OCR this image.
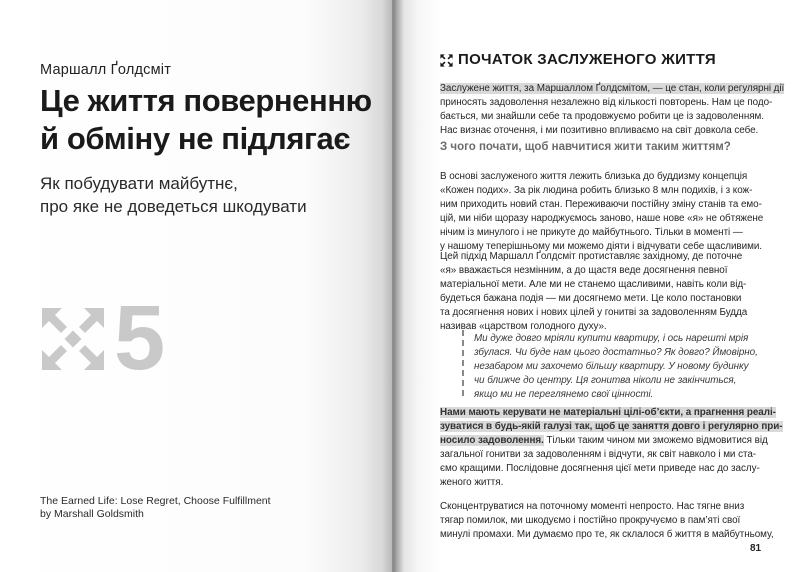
Маршалл Ґолдсміт
Це життя поверненню
й обміну не підлягає

Як побудувати майбутнє,
про яке не доведеться шкодувати

5
The Earned Life: Lose Regret, Choose Fulfillment
by Marshall Goldsmith
ПОЧАТОК ЗАСЛУЖЕНОГО ЖИТТЯ
Заслужене життя, за Маршаллом Ґолдсмітом, — це стан, коли регулярні дії
приносять задоволення незалежно від кількості повторень. Нам це подо-
бається, ми знайшли себе та продовжуємо робити це із задоволенням.
Нас визнає оточення, і ми позитивно впливаємо на світ довкола себе.
З чого почати, щоб навчитися жити таким життям?
В основі заслуженого життя лежить близька до буддизму концепція
«Кожен подих». За рік людина робить близько 8 млн подихів, і з кож-
ним приходить новий стан. Переживаючи постійну зміну станів та емо-
цій, ми ніби щоразу народжуємось заново, наше нове «я» не обтяжене
нічим із минулого і не прикуте до майбутнього. Тільки в моменті —
у нашому теперішньому ми можемо діяти і відчувати себе щасливими.
Цей підхід Маршалл Ґолдсміт протиставляє західному, де поточне
«я» вважається незмінним, а до щастя веде досягнення певної
матеріальної мети. Але ми не станемо щасливими, навіть коли від-
будеться бажана подія — ми досягнемо мети. Це коло постановки
та досягнення нових і нових цілей у гонитві за задоволенням Будда
називав «царством голодного духу».
Ми дуже довго мріяли купити квартиру, і ось нарешті мрія
збулася. Чи буде нам цього достатньо? Як довго? Ймовірно,
незабаром ми захочемо більшу квартиру. У новому будинку
чи ближче до центру. Ця гонитва ніколи не закінчиться,
якщо ми не переглянемо свої цінності.
Нами мають керувати не матеріальні цілі-об’єкти, а прагнення реалі-
зуватися в будь-якій галузі так, щоб це заняття довго і регулярно при-
носило задоволення. Тільки таким чином ми зможемо відмовитися від
загальної гонитви за задоволенням і відчути, як світ навколо і ми ста-
ємо кращими. Послідовне досягнення цієї мети приведе нас до заслу-
женого життя.
Сконцентруватися на поточному моменті непросто. Нас тягне вниз
тягар помилок, ми шкодуємо і постійно прокручуємо в пам’яті свої
минулі промахи. Ми думаємо про те, як склалося б життя в майбутньому,
81
